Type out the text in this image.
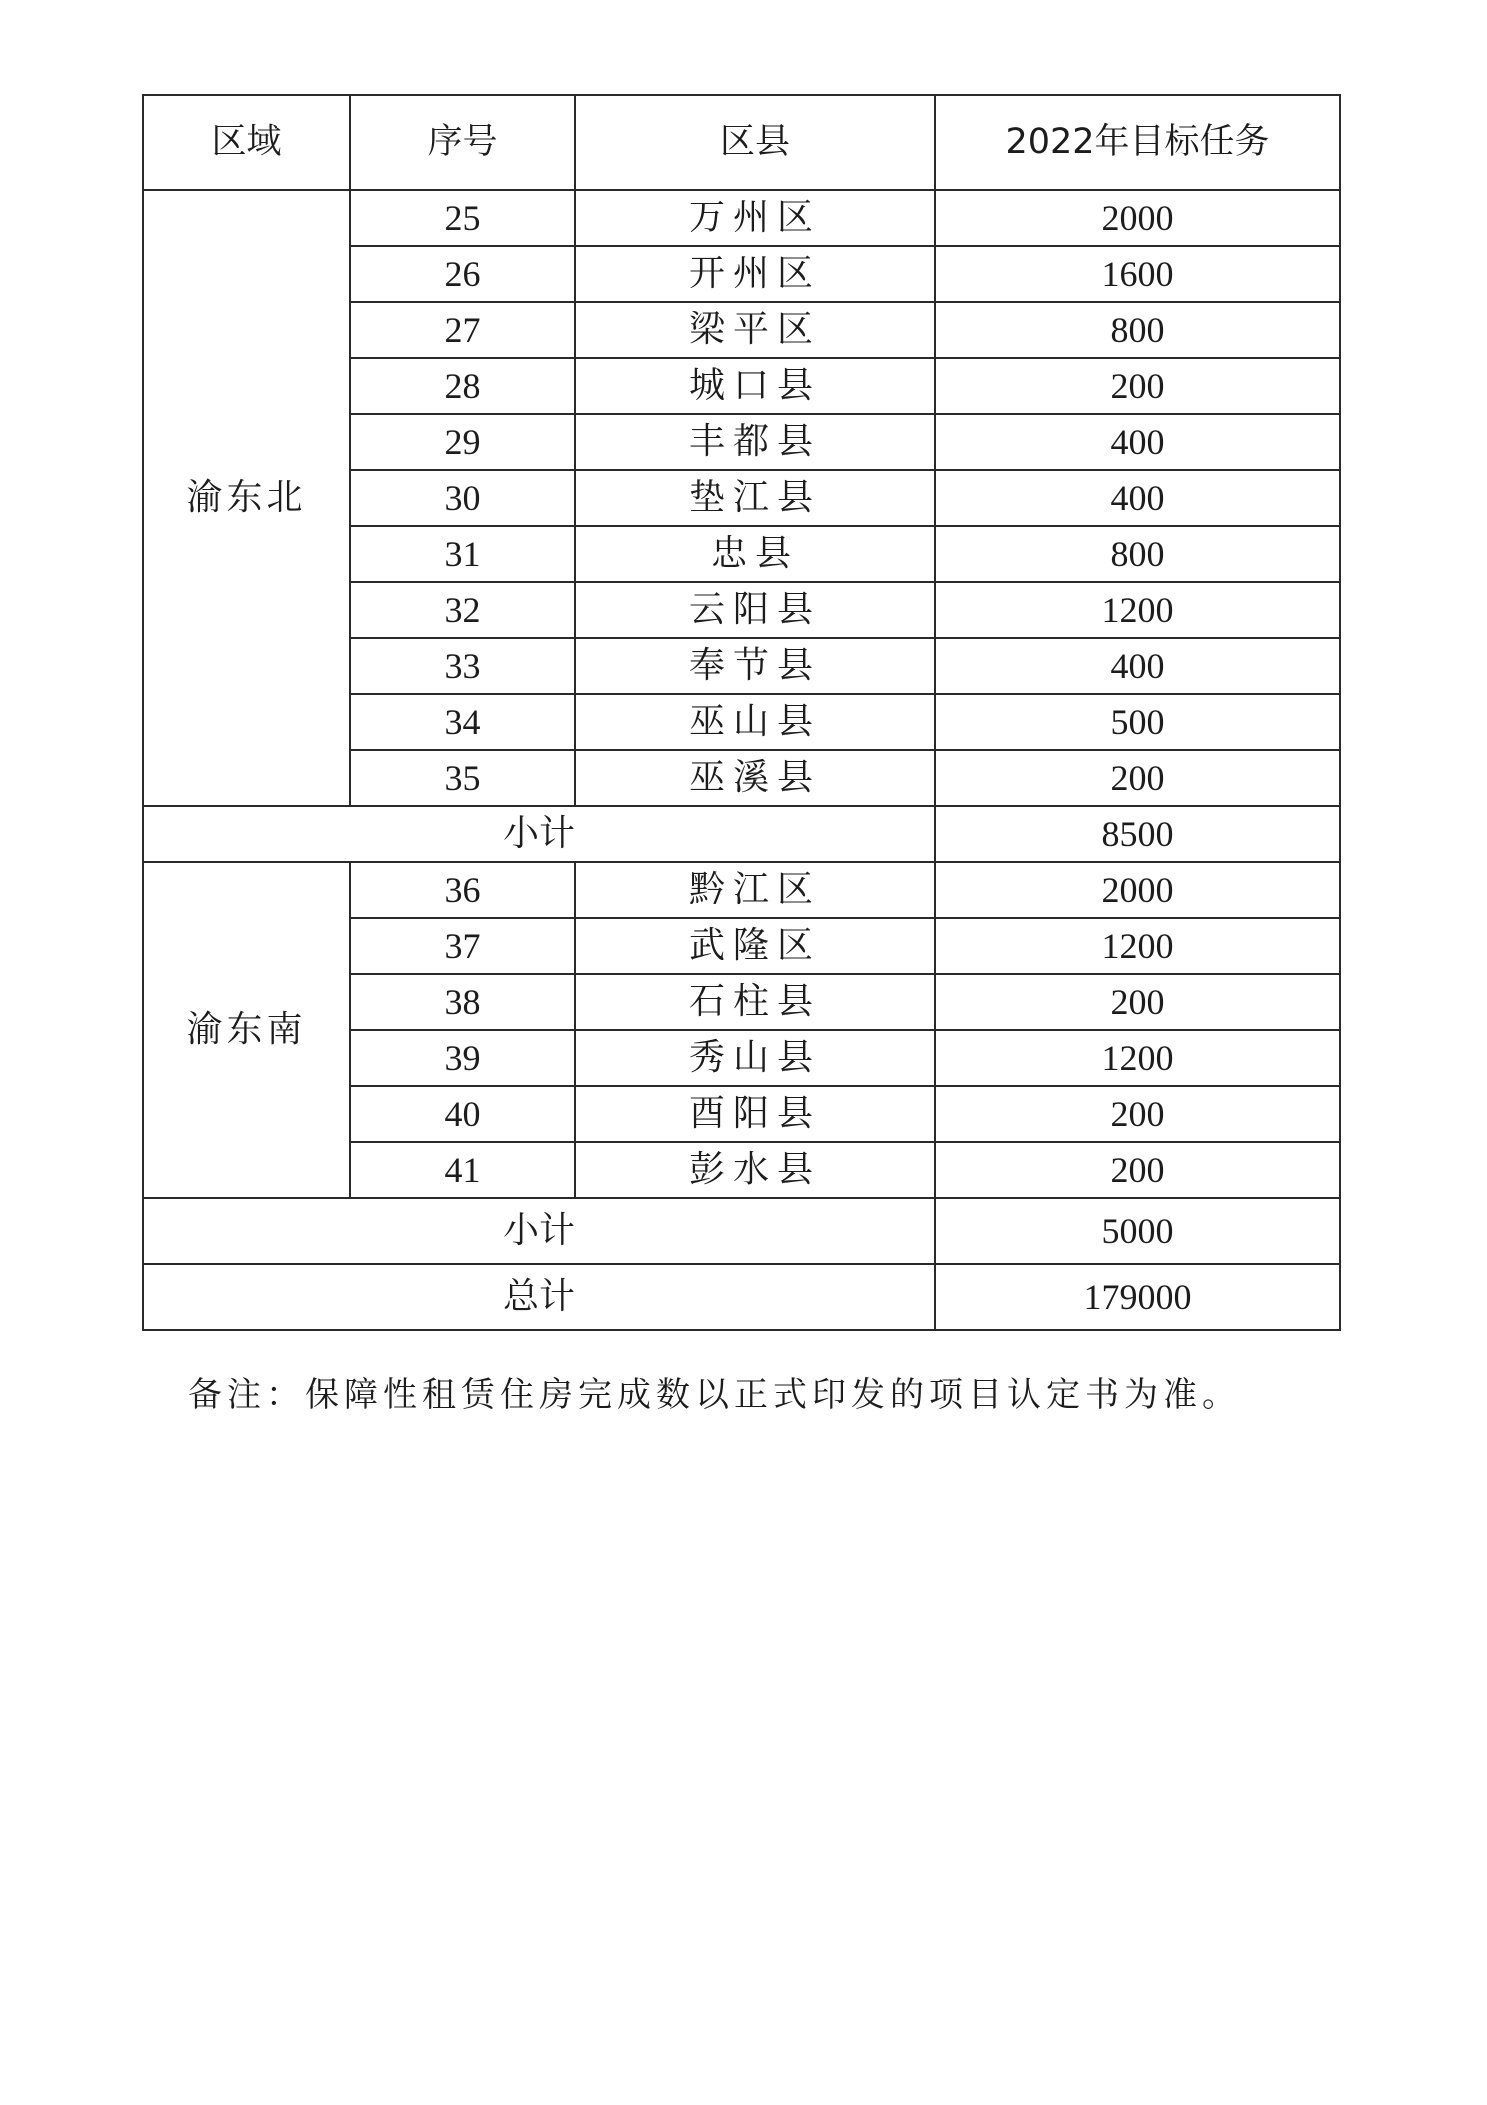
区域	序号	区县	2022年目标任务
渝东北	25	万州区	2000
	26	开州区	1600
	27	梁平区	800
	28	城口县	200
	29	丰都县	400
	30	垫江县	400
	31	忠县	800
	32	云阳县	1200
	33	奉节县	400
	34	巫山县	500
	35	巫溪县	200
小计			8500
渝东南	36	黔江区	2000
	37	武隆区	1200
	38	石柱县	200
	39	秀山县	1200
	40	酉阳县	200
	41	彭水县	200
小计			5000
总计			179000
备注：保障性租赁住房完成数以正式印发的项目认定书为准。
